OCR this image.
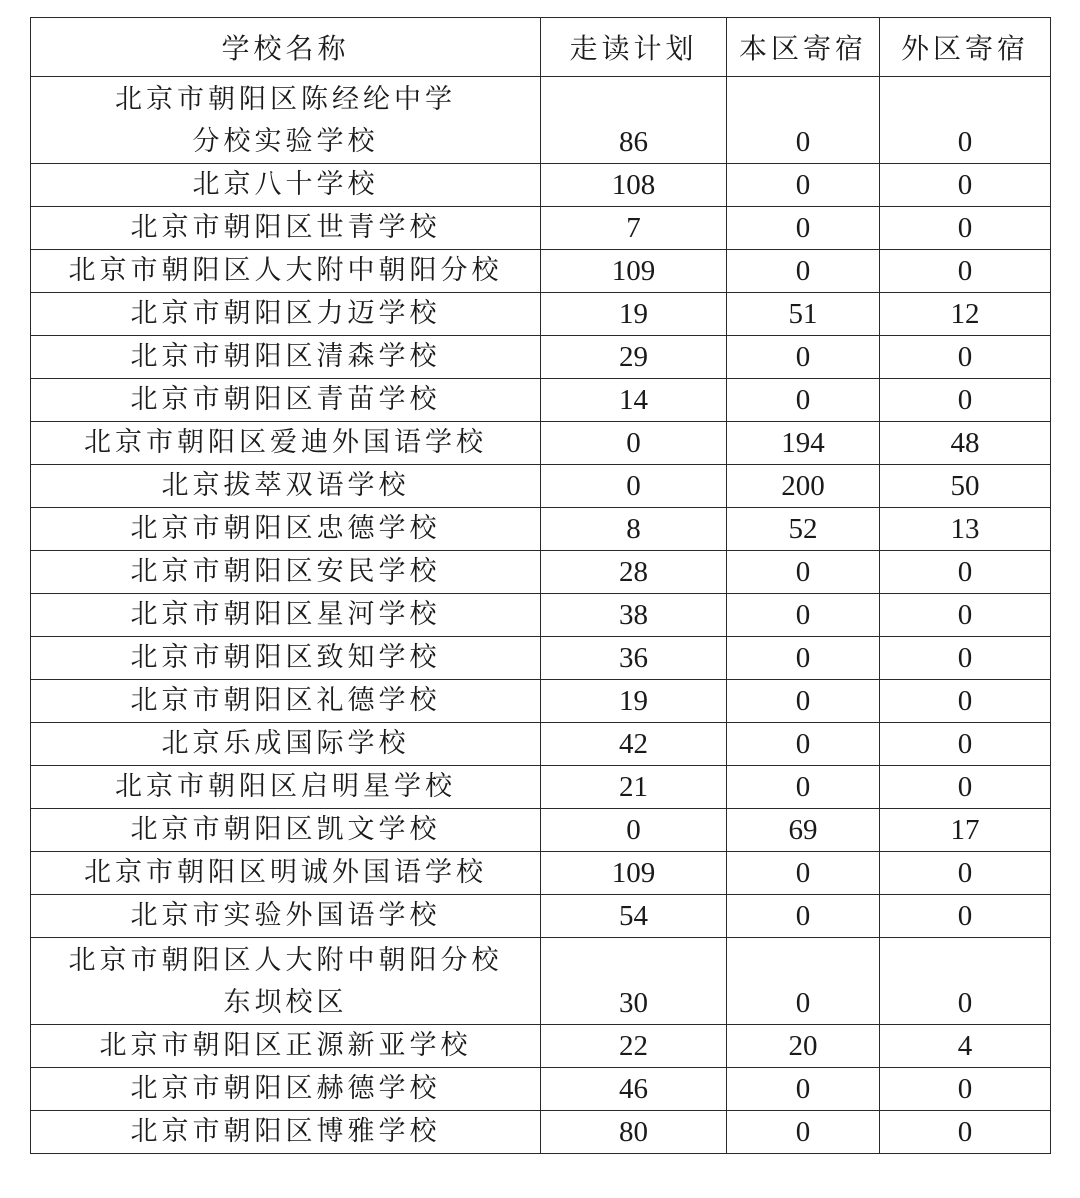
学校名称	走读计划	本区寄宿	外区寄宿

北京市朝阳区陈经纶中学
分校实验学校	86	0	0

北京八十学校	108	0	0

北京市朝阳区世青学校	7	0	0

北京市朝阳区人大附中朝阳分校	109	0	0

北京市朝阳区力迈学校	19	51	12

北京市朝阳区清森学校	29	0	0

北京市朝阳区青苗学校	14	0	0

北京市朝阳区爱迪外国语学校	0	194	48

北京拔萃双语学校	0	200	50

北京市朝阳区忠德学校	8	52	13

北京市朝阳区安民学校	28	0	0

北京市朝阳区星河学校	38	0	0

北京市朝阳区致知学校	36	0	0

北京市朝阳区礼德学校	19	0	0

北京乐成国际学校	42	0	0

北京市朝阳区启明星学校	21	0	0

北京市朝阳区凯文学校	0	69	17

北京市朝阳区明诚外国语学校	109	0	0

北京市实验外国语学校	54	0	0

北京市朝阳区人大附中朝阳分校
东坝校区	30	0	0

北京市朝阳区正源新亚学校	22	20	4

北京市朝阳区赫德学校	46	0	0

北京市朝阳区博雅学校	80	0	0
